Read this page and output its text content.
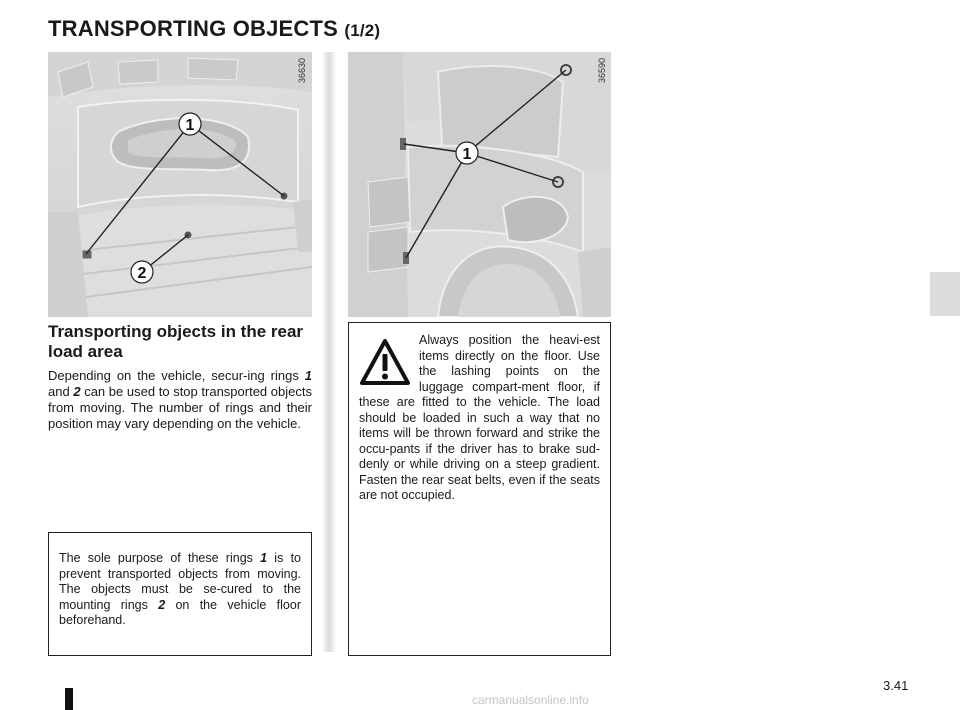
TRANSPORTING OBJECTS (1/2)
1
2
36630
1
36590
Transporting objects in the rear load area

Depending on the vehicle, secur-ing rings 1 and 2 can be used to stop transported objects from moving. The number of rings and their position may vary depending on the vehicle.

The sole purpose of these rings 1 is to prevent transported objects from moving. The objects must be se-cured to the mounting rings 2 on the vehicle floor beforehand.
Always position the heavi-est items directly on the floor. Use the lashing points on the luggage compart-ment floor, if these are fitted to the vehicle. The load should be loaded in such a way that no items will be thrown forward and strike the occu-pants if the driver has to brake sud-denly or while driving on a steep gradient. Fasten the rear seat belts, even if the seats are not occupied.
3.41
carmanualsonline.info
